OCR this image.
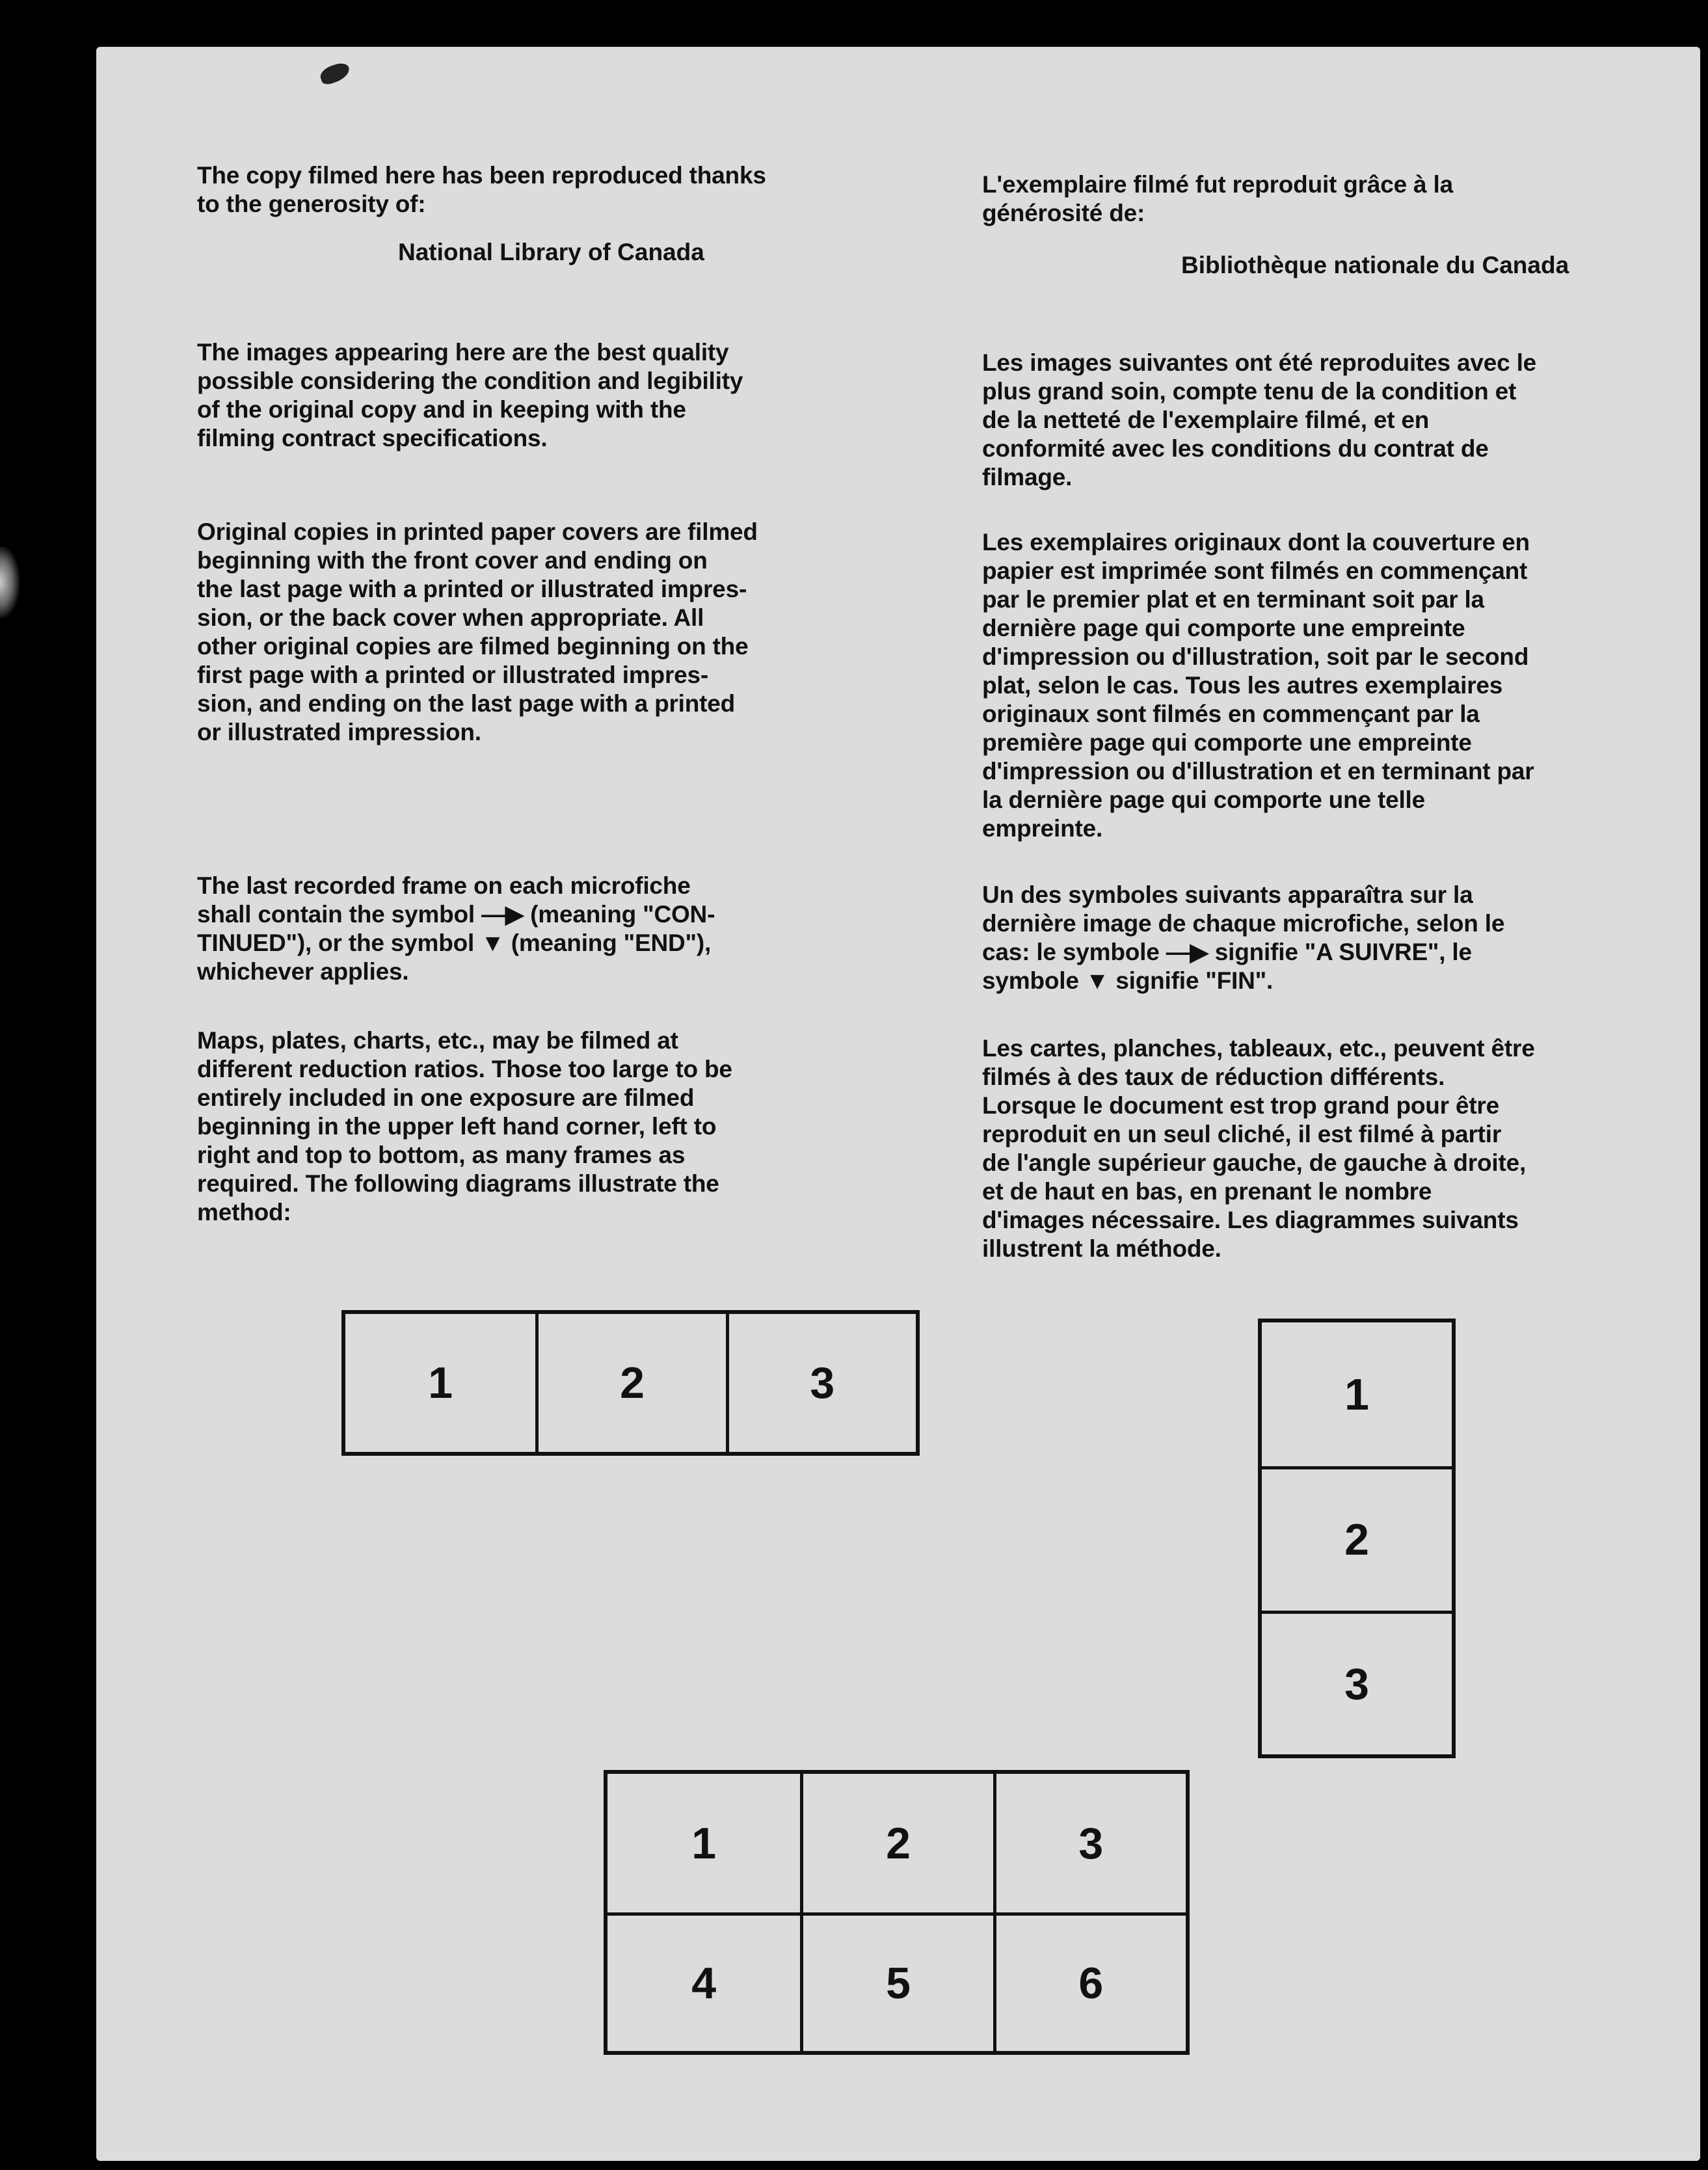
The copy filmed here has been reproduced thanks
to the generosity of:
National Library of Canada
The images appearing here are the best quality
possible considering the condition and legibility
of the original copy and in keeping with the
filming contract specifications.
Original copies in printed paper covers are filmed
beginning with the front cover and ending on
the last page with a printed or illustrated impres-
sion, or the back cover when appropriate. All
other original copies are filmed beginning on the
first page with a printed or illustrated impres-
sion, and ending on the last page with a printed
or illustrated impression.
The last recorded frame on each microfiche
shall contain the symbol —▶ (meaning "CON-
TINUED"), or the symbol ▼ (meaning "END"),
whichever applies.
Maps, plates, charts, etc., may be filmed at
different reduction ratios. Those too large to be
entirely included in one exposure are filmed
beginning in the upper left hand corner, left to
right and top to bottom, as many frames as
required. The following diagrams illustrate the
method:
L'exemplaire filmé fut reproduit grâce à la
générosité de:
Bibliothèque nationale du Canada
Les images suivantes ont été reproduites avec le
plus grand soin, compte tenu de la condition et
de la netteté de l'exemplaire filmé, et en
conformité avec les conditions du contrat de
filmage.
Les exemplaires originaux dont la couverture en
papier est imprimée sont filmés en commençant
par le premier plat et en terminant soit par la
dernière page qui comporte une empreinte
d'impression ou d'illustration, soit par le second
plat, selon le cas. Tous les autres exemplaires
originaux sont filmés en commençant par la
première page qui comporte une empreinte
d'impression ou d'illustration et en terminant par
la dernière page qui comporte une telle
empreinte.
Un des symboles suivants apparaîtra sur la
dernière image de chaque microfiche, selon le
cas: le symbole —▶ signifie "A SUIVRE", le
symbole ▼ signifie "FIN".
Les cartes, planches, tableaux, etc., peuvent être
filmés à des taux de réduction différents.
Lorsque le document est trop grand pour être
reproduit en un seul cliché, il est filmé à partir
de l'angle supérieur gauche, de gauche à droite,
et de haut en bas, en prenant le nombre
d'images nécessaire. Les diagrammes suivants
illustrent la méthode.
1	2	3	1
2
3
1	2	3
4	5	6
